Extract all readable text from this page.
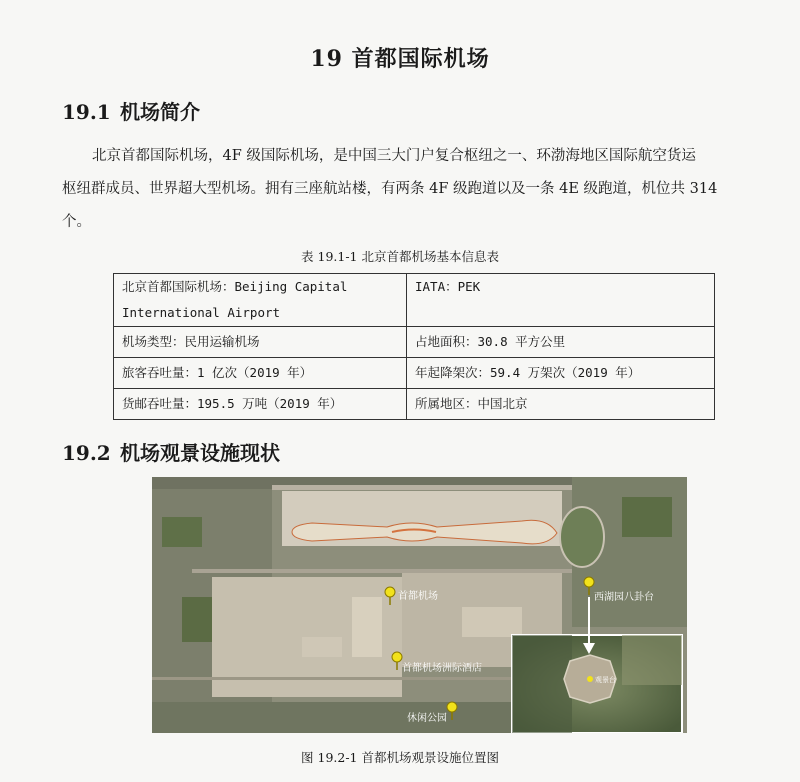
19 首都国际机场
19.1 机场简介
北京首都国际机场，4F 级国际机场，是中国三大门户复合枢纽之一、环渤海地区国际航空货运
枢纽群成员、世界超大型机场。拥有三座航站楼，有两条 4F 级跑道以及一条 4E 级跑道，机位共 314
个。
表 19.1-1 北京首都机场基本信息表
北京首都国际机场：Beijing Capital
International Airport	IATA：PEK

机场类型：民用运输机场	占地面积：30.8 平方公里
旅客吞吐量：1 亿次（2019 年）	年起降架次：59.4 万架次（2019 年）
货邮吞吐量：195.5 万吨（2019 年）	所属地区：中国北京
19.2 机场观景设施现状
首都机场
首都机场洲际酒店
休闲公园
西湖园八卦台
观景台
图 19.2-1 首都机场观景设施位置图
